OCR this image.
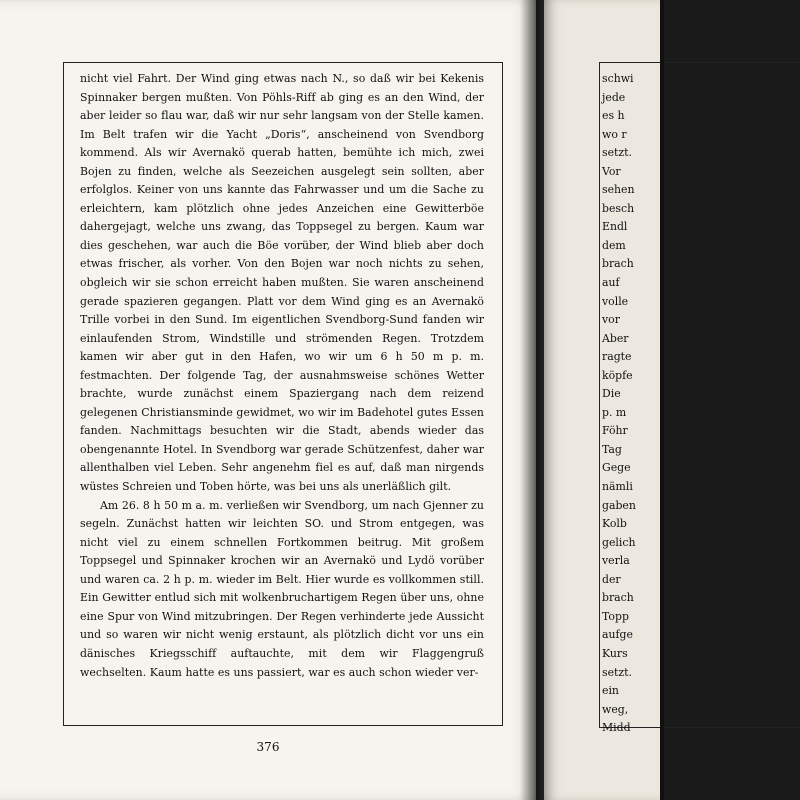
nicht viel Fahrt. Der Wind ging etwas nach N., so daß wir bei Kekenis Spinnaker bergen mußten. Von Pöhls-Riff ab ging es an den Wind, der aber leider so flau war, daß wir nur sehr langsam von der Stelle kamen. Im Belt trafen wir die Yacht „Doris“, anscheinend von Svendborg kommend. Als wir Avernakö querab hatten, bemühte ich mich, zwei Bojen zu finden, welche als Seezeichen ausgelegt sein sollten, aber erfolglos. Keiner von uns kannte das Fahrwasser und um die Sache zu erleichtern, kam plötzlich ohne jedes Anzeichen eine Gewitterböe dahergejagt, welche uns zwang, das Toppsegel zu bergen. Kaum war dies geschehen, war auch die Böe vorüber, der Wind blieb aber doch etwas frischer, als vorher. Von den Bojen war noch nichts zu sehen, obgleich wir sie schon erreicht haben mußten. Sie waren anscheinend gerade spazieren gegangen. Platt vor dem Wind ging es an Avernakö Trille vorbei in den Sund. Im eigentlichen Svendborg-Sund fanden wir einlaufenden Strom, Windstille und strömenden Regen. Trotzdem kamen wir aber gut in den Hafen, wo wir um 6 h 50 m p. m. festmachten. Der folgende Tag, der ausnahmsweise schönes Wetter brachte, wurde zunächst einem Spaziergang nach dem reizend gelegenen Christiansminde gewidmet, wo wir im Badehotel gutes Essen fanden. Nachmittags besuchten wir die Stadt, abends wieder das obengenannte Hotel. In Svendborg war gerade Schützenfest, daher war allenthalben viel Leben. Sehr angenehm fiel es auf, daß man nirgends wüstes Schreien und Toben hörte, was bei uns als unerläßlich gilt.

Am 26. 8 h 50 m a. m. verließen wir Svendborg, um nach Gjenner zu segeln. Zunächst hatten wir leichten SO. und Strom entgegen, was nicht viel zu einem schnellen Fortkommen beitrug. Mit großem Toppsegel und Spinnaker krochen wir an Avernakö und Lydö vorüber und waren ca. 2 h p. m. wieder im Belt. Hier wurde es vollkommen still. Ein Gewitter entlud sich mit wolkenbruchartigem Regen über uns, ohne eine Spur von Wind mitzubringen. Der Regen verhinderte jede Aussicht und so waren wir nicht wenig erstaunt, als plötzlich dicht vor uns ein dänisches Kriegsschiff auftauchte, mit dem wir Flaggengruß wechselten. Kaum hatte es uns passiert, war es auch schon wieder ver-

376
schwi
jede
es h
wo r
setzt.
Vor
sehen
besch
Endl
dem
brach
auf
volle
vor
Aber
ragte
köpfe
Die
p. m
Föhr
Tag
Gege
nämli
gaben
Kolb
gelich
verla
der
brach
Topp
aufge
Kurs
setzt.
ein
weg,
Midd
